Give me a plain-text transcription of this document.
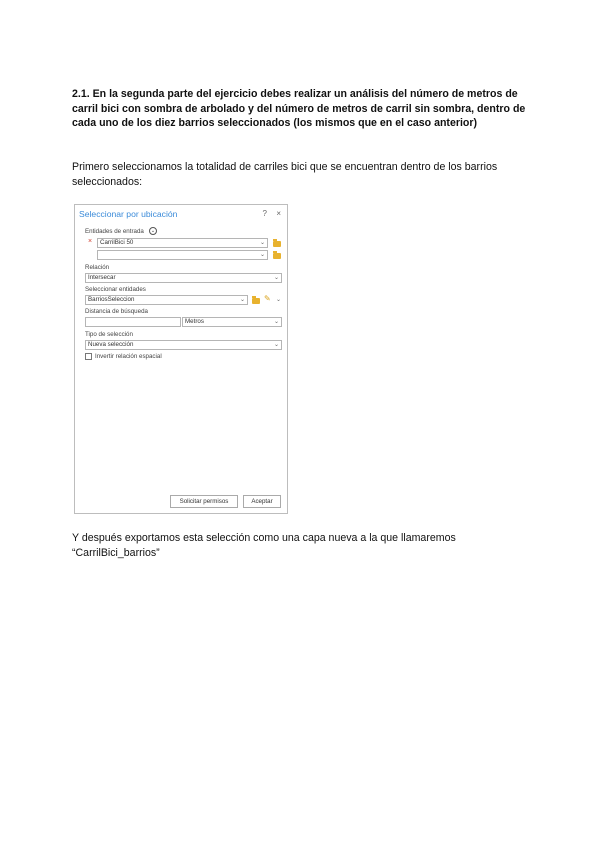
2.1. En la segunda parte del ejercicio debes realizar un análisis del número de metros de carril bici con sombra de arbolado y del número de metros de carril sin sombra, dentro de cada uno de los diez barrios seleccionados (los mismos que en el caso anterior)
Primero seleccionamos la totalidad de carriles bici que se encuentran dentro de los barrios seleccionados:
Seleccionar por ubicación	? ×
Entidades de entrada	⌄
×	CarrilBici 50	⌄
⌄
Relación
Intersecar	⌄
Seleccionar entidades
BarriosSeleccion	⌄ ✎ ⌄
Distancia de búsqueda
Metros	⌄
Tipo de selección
Nueva selección	⌄
Invertir relación espacial
Solicitar permisos	Aceptar
Y después exportamos esta selección como una capa nueva a la que llamaremos “CarrilBici_barrios”
